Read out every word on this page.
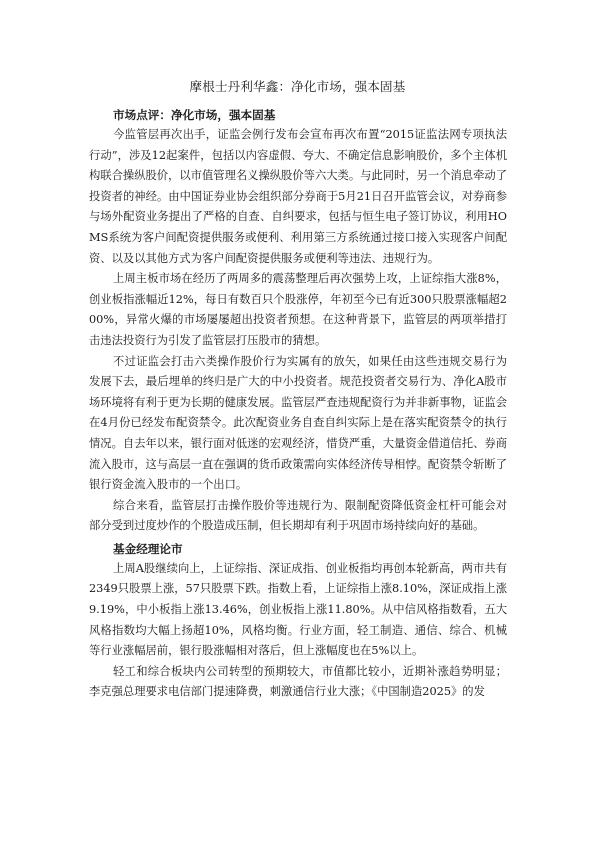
摩根士丹利华鑫：净化市场，强本固基

市场点评：净化市场，强本固基

今监管层再次出手，证监会例行发布会宣布再次布置“2015证监法网专项执法行动”，涉及12起案件，包括以内容虚假、夸大、不确定信息影响股价，多个主体机构联合操纵股价，以市值管理名义操纵股价等六大类。与此同时，另一个消息牵动了投资者的神经。由中国证券业协会组织部分券商于5月21日召开监管会议，对券商参与场外配资业务提出了严格的自查、自纠要求，包括与恒生电子签订协议，利用HOMS系统为客户间配资提供服务或便利、利用第三方系统通过接口接入实现客户间配资、以及以其他方式为客户间配资提供服务或便利等违法、违规行为。

上周主板市场在经历了两周多的震荡整理后再次强势上攻，上证综指大涨8%，创业板指涨幅近12%，每日有数百只个股涨停，年初至今已有近300只股票涨幅超200%，异常火爆的市场屡屡超出投资者预想。在这种背景下，监管层的两项举措打击违法投资行为引发了监管层打压股市的猜想。

不过证监会打击六类操作股价行为实属有的放矢，如果任由这些违规交易行为发展下去，最后埋单的终归是广大的中小投资者。规范投资者交易行为、净化A股市场环境将有利于更为长期的健康发展。监管层严查违规配资行为并非新事物，证监会在4月份已经发布配资禁令。此次配资业务自查自纠实际上是在落实配资禁令的执行情况。自去年以来，银行面对低迷的宏观经济，惜贷严重，大量资金借道信托、券商流入股市，这与高层一直在强调的货币政策需向实体经济传导相悖。配资禁令斩断了银行资金流入股市的一个出口。

综合来看，监管层打击操作股价等违规行为、限制配资降低资金杠杆可能会对部分受到过度炒作的个股造成压制，但长期却有利于巩固市场持续向好的基础。

基金经理论市

上周A股继续向上，上证综指、深证成指、创业板指均再创本轮新高，两市共有2349只股票上涨，57只股票下跌。指数上看，上证综指上涨8.10%，深证成指上涨9.19%，中小板指上涨13.46%，创业板指上涨11.80%。从中信风格指数看，五大风格指数均大幅上扬超10%，风格均衡。行业方面，轻工制造、通信、综合、机械等行业涨幅居前，银行股涨幅相对落后，但上涨幅度也在5%以上。

轻工和综合板块内公司转型的预期较大，市值都比较小，近期补涨趋势明显；李克强总理要求电信部门提速降费，刺激通信行业大涨；《中国制造2025》的发
